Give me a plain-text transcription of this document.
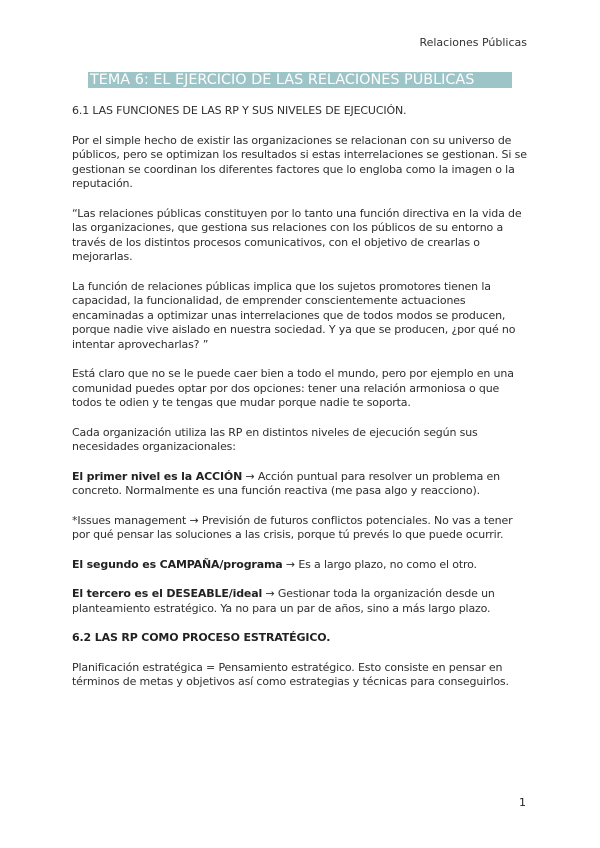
Relaciones Públicas
TEMA 6: EL EJERCICIO DE LAS RELACIONES PÚBLICAS

6.1 LAS FUNCIONES DE LAS RP Y SUS NIVELES DE EJECUCIÓN.

Por el simple hecho de existir las organizaciones se relacionan con su universo de públicos, pero se optimizan los resultados si estas interrelaciones se gestionan. Si se gestionan se coordinan los diferentes factores que lo engloba como la imagen o la reputación.

“Las relaciones públicas constituyen por lo tanto una función directiva en la vida de las organizaciones, que gestiona sus relaciones con los públicos de su entorno a través de los distintos procesos comunicativos, con el objetivo de crearlas o mejorarlas.

La función de relaciones públicas implica que los sujetos promotores tienen la capacidad, la funcionalidad, de emprender conscientemente actuaciones encaminadas a optimizar unas interrelaciones que de todos modos se producen, porque nadie vive aislado en nuestra sociedad. Y ya que se producen, ¿por qué no intentar aprovecharlas? ”

Está claro que no se le puede caer bien a todo el mundo, pero por ejemplo en una comunidad puedes optar por dos opciones: tener una relación armoniosa o que todos te odien y te tengas que mudar porque nadie te soporta.

Cada organización utiliza las RP en distintos niveles de ejecución según sus necesidades organizacionales:

El primer nivel es la ACCIÓN → Acción puntual para resolver un problema en concreto. Normalmente es una función reactiva (me pasa algo y reacciono).

*Issues management → Previsión de futuros conflictos potenciales. No vas a tener por qué pensar las soluciones a las crisis, porque tú prevés lo que puede ocurrir.

El segundo es CAMPAÑA/programa → Es a largo plazo, no como el otro.

El tercero es el DESEABLE/ideal → Gestionar toda la organización desde un planteamiento estratégico. Ya no para un par de años, sino a más largo plazo.

6.2 LAS RP COMO PROCESO ESTRATÉGICO.

Planificación estratégica = Pensamiento estratégico. Esto consiste en pensar en términos de metas y objetivos así como estrategias y técnicas para conseguirlos.

1
